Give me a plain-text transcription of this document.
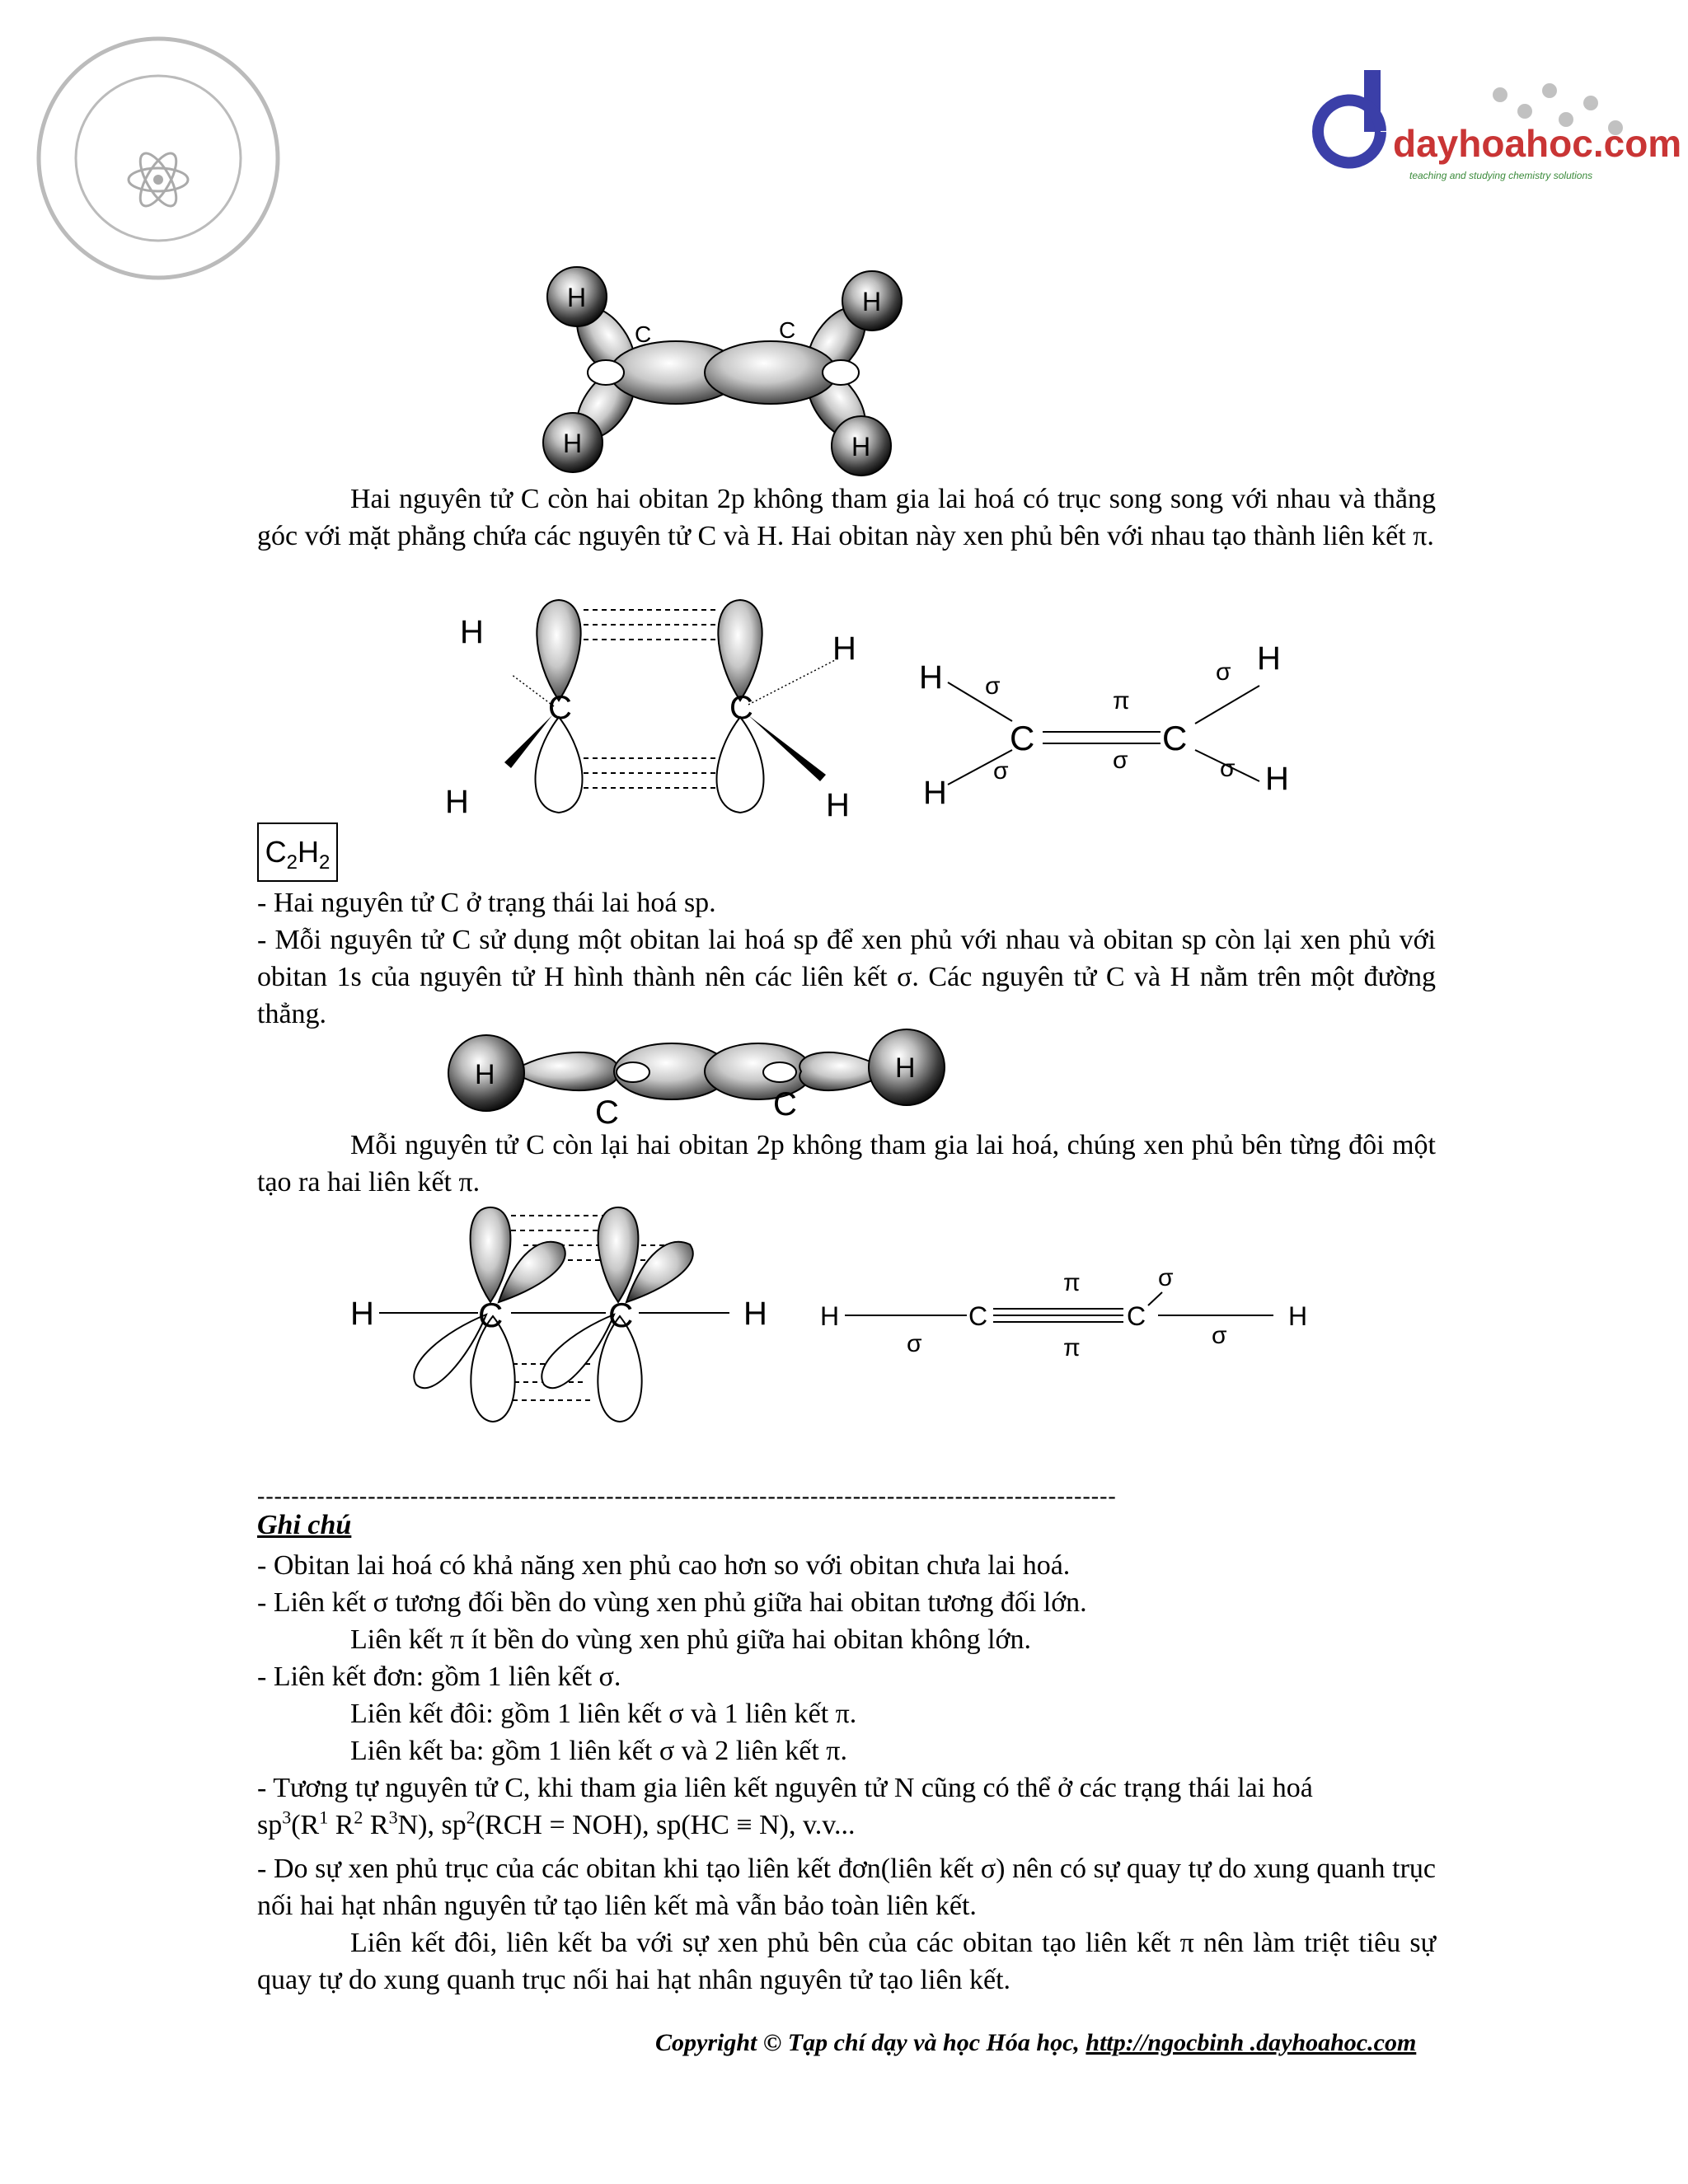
dayhoahoc.com
teaching and studying chemistry solutions
H
H
H
H
C	C
Hai nguyên tử C còn hai obitan 2p không tham gia lai hoá có trục song song với nhau và thẳng góc với mặt phẳng chứa các nguyên tử C và H. Hai obitan này xen phủ bên với nhau tạo thành liên kết π.
C	C
H	H
H	H
H
H
H
H
C	C
σ
σ	σ
σ
σ
π
$C_2H_2$
- Hai nguyên tử C ở trạng thái lai hoá sp.
- Mỗi nguyên tử C sử dụng một obitan lai hoá sp để xen phủ với nhau và obitan sp còn lại xen phủ với obitan 1s của nguyên tử H hình thành nên các liên kết σ. Các nguyên tử C và H nằm trên một đường thẳng.
H	H
C	C
Mỗi nguyên tử C còn lại hai obitan 2p không tham gia lai hoá, chúng xen phủ bên từng đôi một tạo ra hai liên kết π.
H	C	C	H H	C	C	H
σ
σ
σ
π
π
-----------------------------------------------------------------------------------------------------
Ghi chú
- Obitan lai hoá có khả năng xen phủ cao hơn so với obitan chưa lai hoá.
- Liên kết σ tương đối bền do vùng xen phủ giữa hai obitan tương đối lớn.
Liên kết π ít bền do vùng xen phủ giữa hai obitan không lớn.
- Liên kết đơn: gồm 1 liên kết σ.
Liên kết đôi: gồm 1 liên kết σ và 1 liên kết π.
Liên kết ba: gồm 1 liên kết σ và 2 liên kết π.
- Tương tự nguyên tử C, khi tham gia liên kết nguyên tử N cũng có thể ở các trạng thái lai hoá
$sp^3(R^1$ $R^2$ $R^3N$), $sp^2(RCH = NOH)$, sp(HC ≡ N), v.v...
- Do sự xen phủ trục của các obitan khi tạo liên kết đơn(liên kết σ) nên có sự quay tự do xung quanh trục nối hai hạt nhân nguyên tử tạo liên kết mà vẫn bảo toàn liên kết.
Liên kết đôi, liên kết ba với sự xen phủ bên của các obitan tạo liên kết π nên làm triệt tiêu sự quay tự do xung quanh trục nối hai hạt nhân nguyên tử tạo liên kết.
Copyright © Tạp chí dạy và học Hóa học, http://ngocbinh .dayhoahoc.com
